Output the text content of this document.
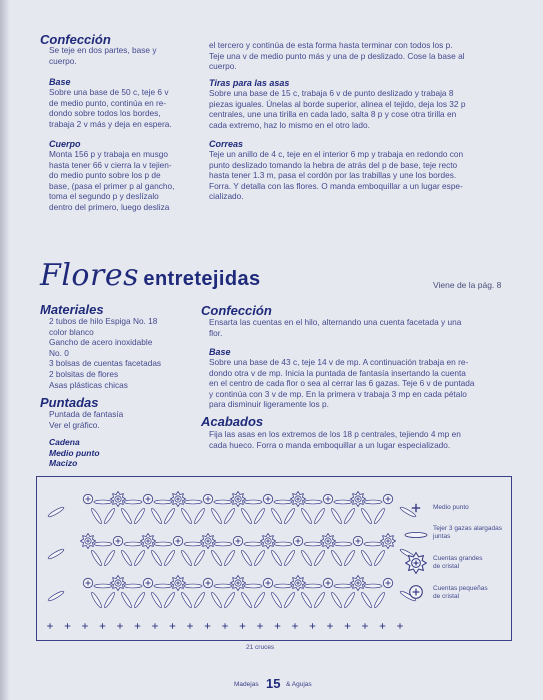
Confección
Se teje en dos partes, base y
cuerpo.
Base
Sobre una base de 50 c, teje 6 v
de medio punto, continúa en re-
dondo sobre todos los bordes,
trabaja 2 v más y deja en espera.
Cuerpo
Monta 156 p y trabaja en musgo
hasta tener 66 v cierra la v tejien-
do medio punto sobre los p de
base, (pasa el primer p al gancho,
toma el segundo p y deslízalo
dentro del primero, luego desliza
el tercero y continúa de esta forma hasta terminar con todos los p.
Teje una v de medio punto más y una de p deslizado. Cose la base al
cuerpo.
Tiras para las asas
Sobre una base de 15 c, trabaja 6 v de punto deslizado y trabaja 8
piezas iguales. Únelas al borde superior, alinea el tejido, deja los 32 p
centrales, une una tirilla en cada lado, salta 8 p y cose otra tirilla en
cada extremo, haz lo mismo en el otro lado.
Correas
Teje un anillo de 4 c, teje en el interior 6 mp y trabaja en redondo con
punto deslizado tomando la hebra de atrás del p de base, teje recto
hasta tener 1.3 m, pasa el cordón por las trabillas y une los bordes.
Forra. Y detalla con las flores. O manda emboquillar a un lugar espe-
cializado.
Flores entretejidas	Viene de la pág. 8
Materiales
2 tubos de hilo Espiga No. 18
color blanco
Gancho de acero inoxidable
No. 0
3 bolsas de cuentas facetadas
2 bolsitas de flores
Asas plásticas chicas
Puntadas
Puntada de fantasía
Ver el gráfico.
Cadena
Medio punto
Macizo
Confección
Ensarta las cuentas en el hilo, alternando una cuenta facetada y una
flor.
Base
Sobre una base de 43 c, teje 14 v de mp. A continuación trabaja en re-
dondo otra v de mp. Inicia la puntada de fantasía insertando la cuenta
en el centro de cada flor o sea al cerrar las 6 gazas. Teje 6 v de puntada
y continúa con 3 v de mp. En la primera v trabaja 3 mp en cada pétalo
para disminuir ligeramente los p.
Acabados
Fija las asas en los extremos de los 18 p centrales, tejiendo 4 mp en
cada hueco. Forra o manda emboquillar a un lugar especializado.
21 cruces
Medio punto
Tejer 3 gazas alargadas
juntas
Cuentas grandes
de cristal
Cuentas pequeñas
de cristal
Madejas 15 & Agujas
